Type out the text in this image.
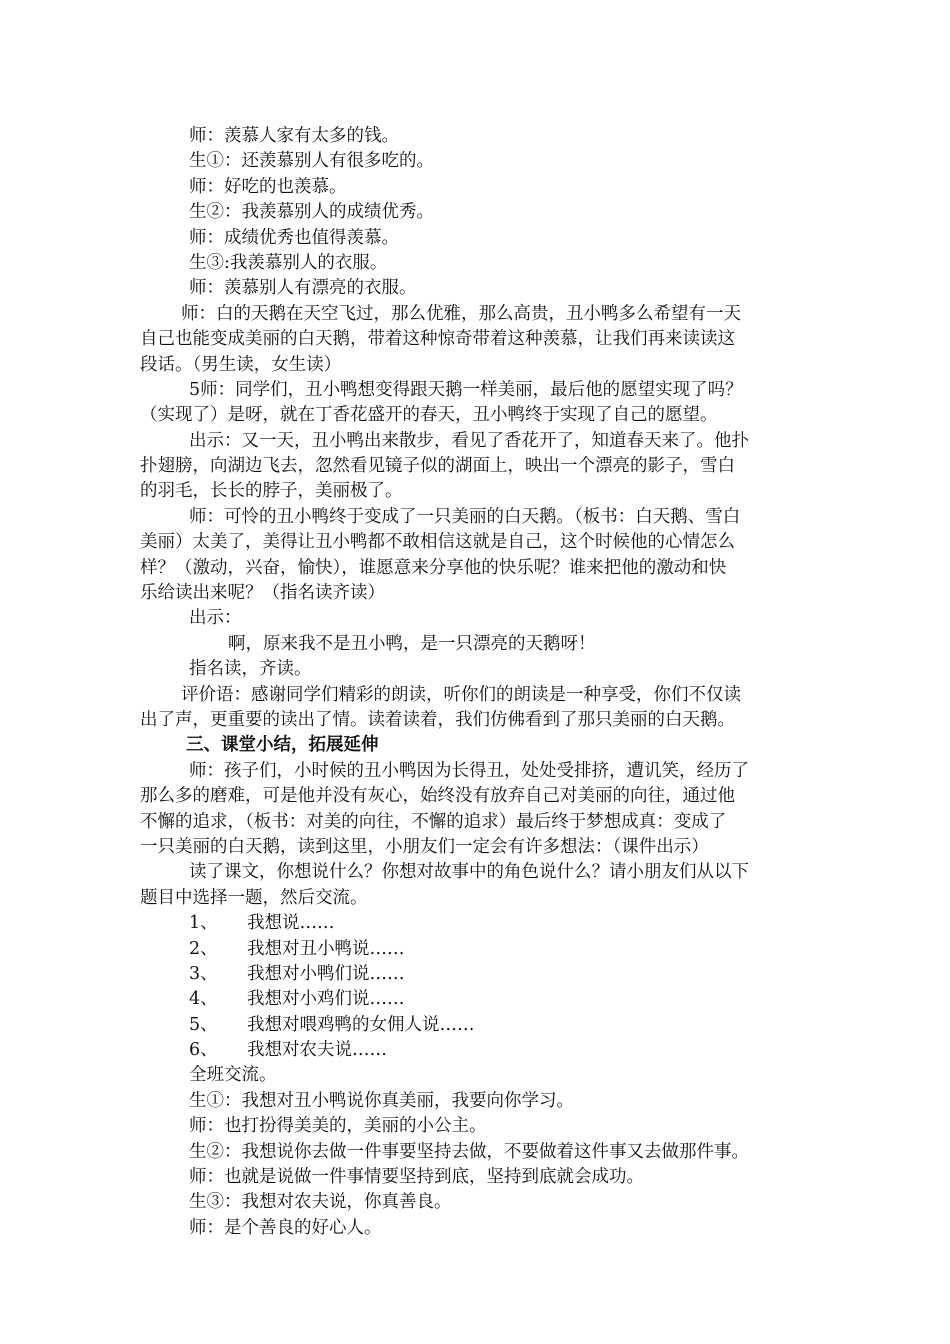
师：羡慕人家有太多的钱。
生①：还羡慕别人有很多吃的。
师：好吃的也羡慕。
生②：我羡慕别人的成绩优秀。
师：成绩优秀也值得羡慕。
生③:我羡慕别人的衣服。
师：羡慕别人有漂亮的衣服。
师：白的天鹅在天空飞过，那么优雅，那么高贵，丑小鸭多么希望有一天
自己也能变成美丽的白天鹅，带着这种惊奇带着这种羡慕，让我们再来读读这
段话。（男生读，女生读）
5师：同学们，丑小鸭想变得跟天鹅一样美丽，最后他的愿望实现了吗？
（实现了）是呀，就在丁香花盛开的春天，丑小鸭终于实现了自己的愿望。
出示：又一天，丑小鸭出来散步，看见了香花开了，知道春天来了。他扑
扑翅膀，向湖边飞去，忽然看见镜子似的湖面上，映出一个漂亮的影子，雪白
的羽毛，长长的脖子，美丽极了。
师：可怜的丑小鸭终于变成了一只美丽的白天鹅。（板书：白天鹅、雪白
美丽）太美了，美得让丑小鸭都不敢相信这就是自己，这个时候他的心情怎么
样？（激动，兴奋，愉快），谁愿意来分享他的快乐呢？谁来把他的激动和快
乐给读出来呢？（指名读齐读）
出示：
啊，原来我不是丑小鸭，是一只漂亮的天鹅呀！
指名读，齐读。
评价语：感谢同学们精彩的朗读，听你们的朗读是一种享受，你们不仅读
出了声，更重要的读出了情。读着读着，我们仿佛看到了那只美丽的白天鹅。
三、课堂小结，拓展延伸
师：孩子们，小时候的丑小鸭因为长得丑，处处受排挤，遭讥笑，经历了
那么多的磨难，可是他并没有灰心，始终没有放弃自己对美丽的向往，通过他
不懈的追求，（板书：对美的向往，不懈的追求）最后终于梦想成真：变成了
一只美丽的白天鹅，读到这里，小朋友们一定会有许多想法：（课件出示）
读了课文，你想说什么？你想对故事中的角色说什么？请小朋友们从以下
题目中选择一题，然后交流。
1、 我想说……
2、 我想对丑小鸭说……
3、 我想对小鸭们说……
4、 我想对小鸡们说……
5、 我想对喂鸡鸭的女佣人说……
6、 我想对农夫说……
全班交流。
生①：我想对丑小鸭说你真美丽，我要向你学习。
师：也打扮得美美的，美丽的小公主。
生②：我想说你去做一件事要坚持去做，不要做着这件事又去做那件事。
师：也就是说做一件事情要坚持到底，坚持到底就会成功。
生③：我想对农夫说，你真善良。
师：是个善良的好心人。
